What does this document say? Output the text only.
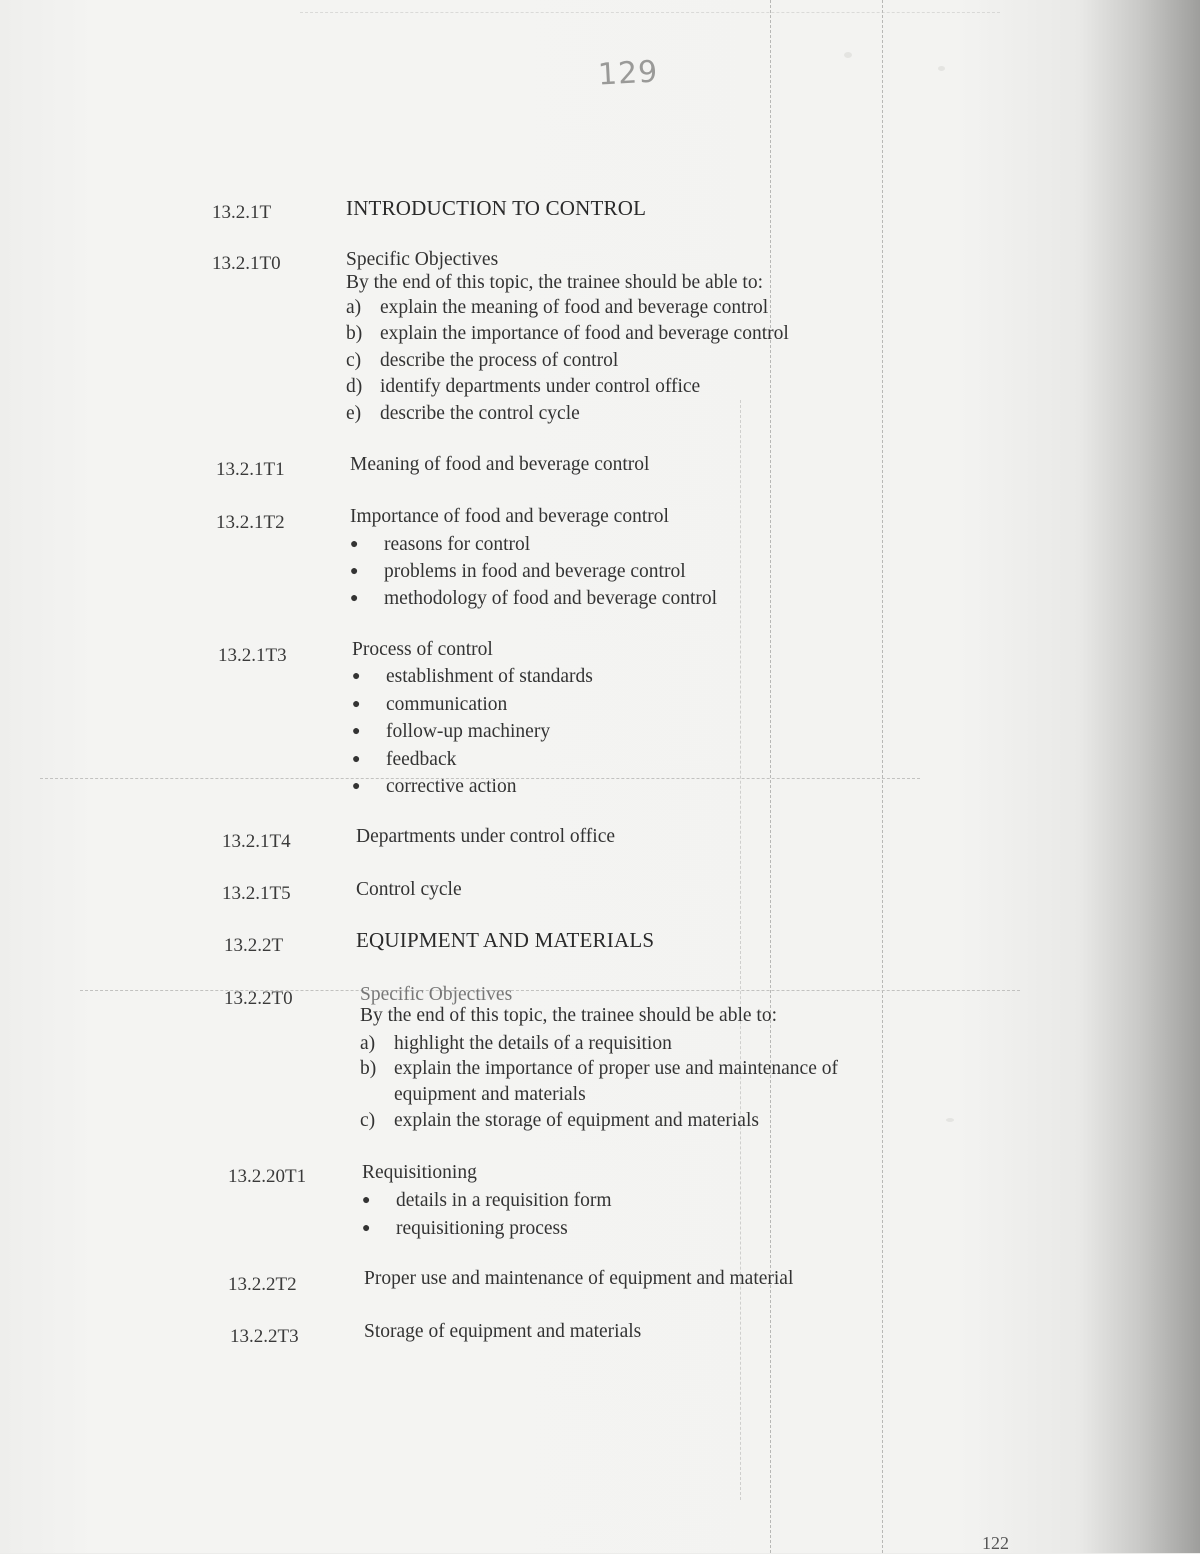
129
13.2.1T	INTRODUCTION TO CONTROL
13.2.1T0	Specific Objectives
By the end of this topic, the trainee should be able to:
a) explain the meaning of food and beverage control
b) explain the importance of food and beverage control
c) describe the process of control
d) identify departments under control office
e) describe the control cycle
13.2.1T1	Meaning of food and beverage control
13.2.1T2	Importance of food and beverage control
● reasons for control
● problems in food and beverage control
● methodology of food and beverage control
13.2.1T3	Process of control
● establishment of standards
● communication
● follow-up machinery
● feedback
● corrective action
13.2.1T4	Departments under control office
13.2.1T5	Control cycle
13.2.2T	EQUIPMENT AND MATERIALS
13.2.2T0	Specific Objectives
By the end of this topic, the trainee should be able to:
a) highlight the details of a requisition
b) explain the importance of proper use and maintenance of
equipment and materials
c) explain the storage of equipment and materials
13.2.20T1	Requisitioning
● details in a requisition form
● requisitioning process
13.2.2T2	Proper use and maintenance of equipment and material
13.2.2T3	Storage of equipment and materials
122
